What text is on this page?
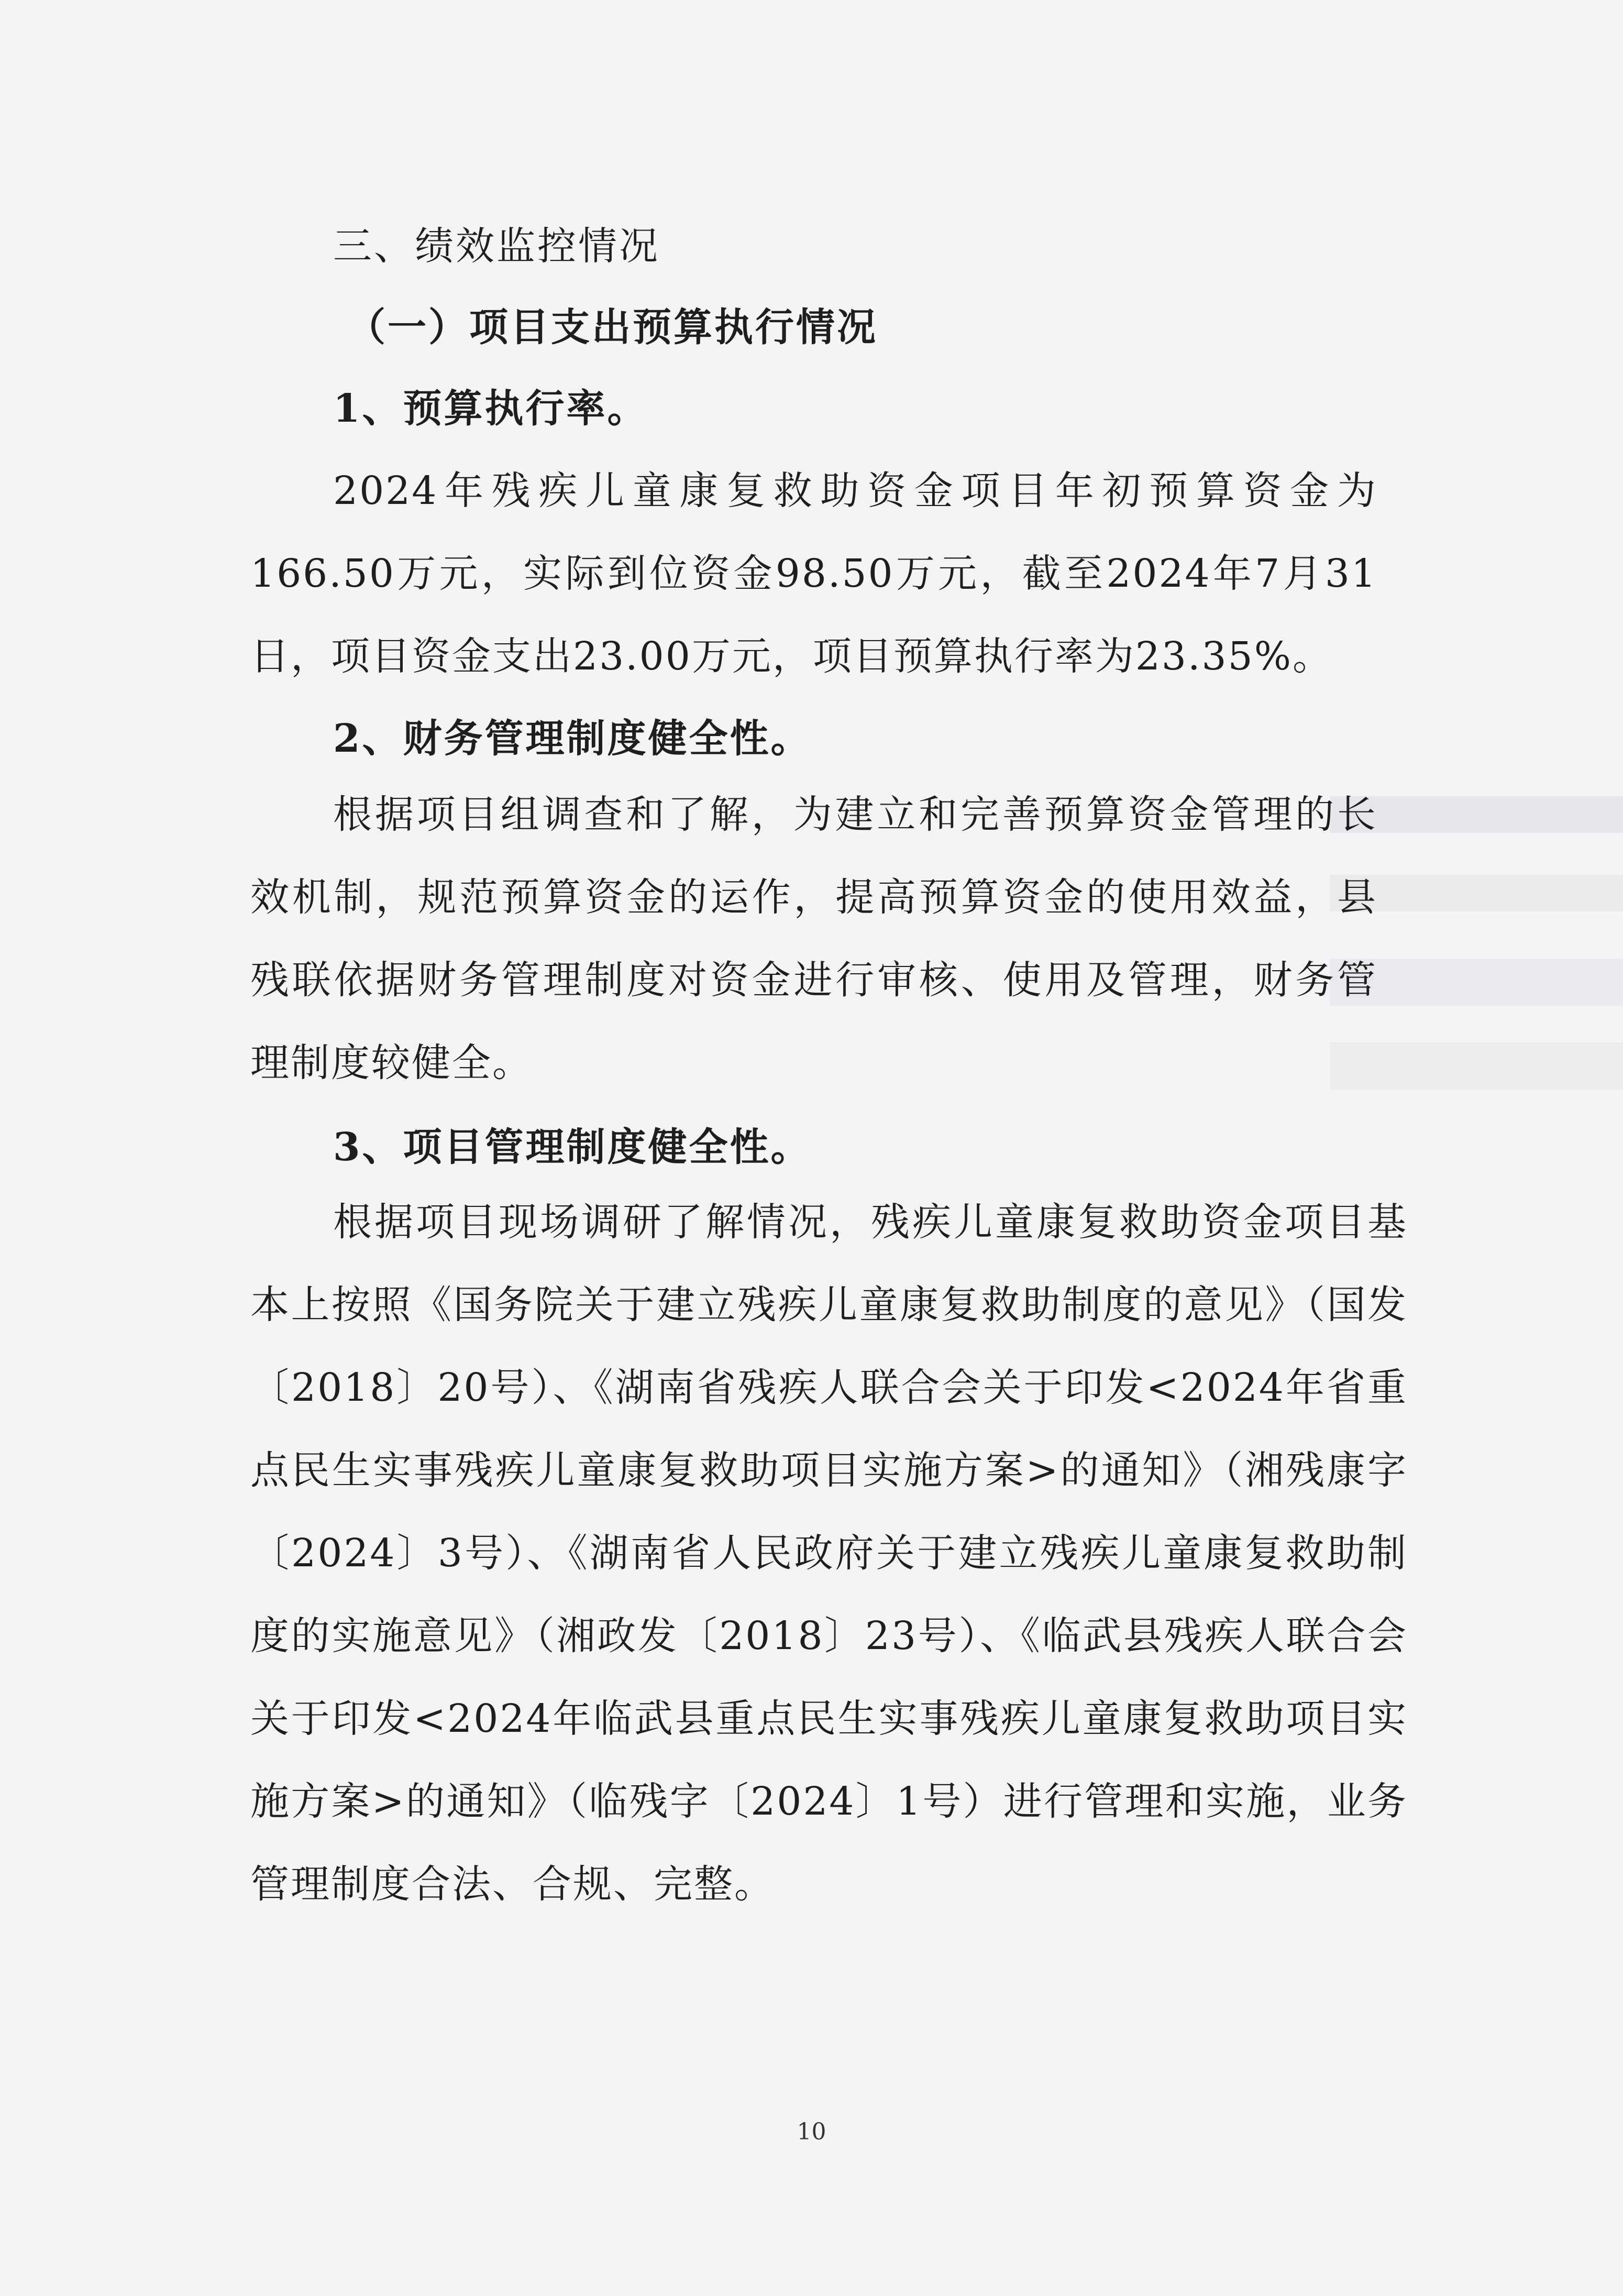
三、绩效监控情况
（一）项目支出预算执行情况
1、预算执行率。

2024年残疾儿童康复救助资金项目年初预算资金为166.50万元，实际到位资金98.50万元，截至2024年7月31日，项目资金支出23.00万元，项目预算执行率为23.35%。

2、财务管理制度健全性。

根据项目组调查和了解，为建立和完善预算资金管理的长效机制，规范预算资金的运作，提高预算资金的使用效益，县残联依据财务管理制度对资金进行审核、使用及管理，财务管理制度较健全。

3、项目管理制度健全性。

根据项目现场调研了解情况，残疾儿童康复救助资金项目基本上按照《国务院关于建立残疾儿童康复救助制度的意见》（国发〔2018〕20号）、《湖南省残疾人联合会关于印发<2024年省重点民生实事残疾儿童康复救助项目实施方案>的通知》（湘残康字〔2024〕3号）、《湖南省人民政府关于建立残疾儿童康复救助制度的实施意见》（湘政发〔2018〕23号）、《临武县残疾人联合会关于印发<2024年临武县重点民生实事残疾儿童康复救助项目实施方案>的通知》（临残字〔2024〕1号）进行管理和实施，业务管理制度合法、合规、完整。

10
